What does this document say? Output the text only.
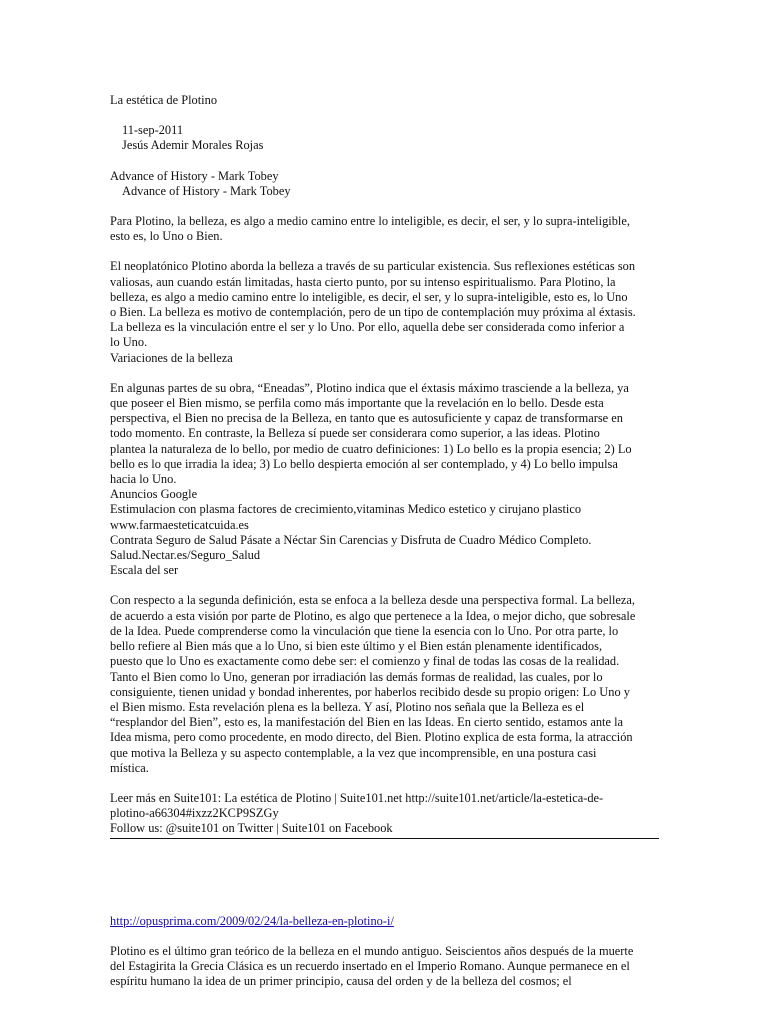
La estética de Plotino
11-sep-2011
Jesús Ademir Morales Rojas
Advance of History - Mark Tobey
Advance of History - Mark Tobey

Para Plotino, la belleza, es algo a medio camino entre lo inteligible, es decir, el ser, y lo supra-inteligible,
esto es, lo Uno o Bien.

El neoplatónico Plotino aborda la belleza a través de su particular existencia. Sus reflexiones estéticas son
valiosas, aun cuando están limitadas, hasta cierto punto, por su intenso espiritualismo. Para Plotino, la
belleza, es algo a medio camino entre lo inteligible, es decir, el ser, y lo supra-inteligible, esto es, lo Uno
o Bien. La belleza es motivo de contemplación, pero de un tipo de contemplación muy próxima al éxtasis.
La belleza es la vinculación entre el ser y lo Uno. Por ello, aquella debe ser considerada como inferior a
lo Uno.

Variaciones de la belleza

En algunas partes de su obra, “Eneadas”, Plotino indica que el éxtasis máximo trasciende a la belleza, ya
que poseer el Bien mismo, se perfila como más importante que la revelación en lo bello. Desde esta
perspectiva, el Bien no precisa de la Belleza, en tanto que es autosuficiente y capaz de transformarse en
todo momento. En contraste, la Belleza sí puede ser considerara como superior, a las ideas. Plotino
plantea la naturaleza de lo bello, por medio de cuatro definiciones: 1) Lo bello es la propia esencia; 2) Lo
bello es lo que irradia la idea; 3) Lo bello despierta emoción al ser contemplado, y 4) Lo bello impulsa
hacia lo Uno.

Anuncios Google
Estimulacion con plasma factores de crecimiento,vitaminas Medico estetico y cirujano plastico
www.farmaesteticatcuida.es
Contrata Seguro de Salud Pásate a Néctar Sin Carencias y Disfruta de Cuadro Médico Completo.
Salud.Nectar.es/Seguro_Salud
Escala del ser

Con respecto a la segunda definición, esta se enfoca a la belleza desde una perspectiva formal. La belleza,
de acuerdo a esta visión por parte de Plotino, es algo que pertenece a la Idea, o mejor dicho, que sobresale
de la Idea. Puede comprenderse como la vinculación que tiene la esencia con lo Uno. Por otra parte, lo
bello refiere al Bien más que a lo Uno, si bien este último y el Bien están plenamente identificados,
puesto que lo Uno es exactamente como debe ser: el comienzo y final de todas las cosas de la realidad.
Tanto el Bien como lo Uno, generan por irradiación las demás formas de realidad, las cuales, por lo
consiguiente, tienen unidad y bondad inherentes, por haberlos recibido desde su propio origen: Lo Uno y
el Bien mismo. Esta revelación plena es la belleza. Y así, Plotino nos señala que la Belleza es el
“resplandor del Bien”, esto es, la manifestación del Bien en las Ideas. En cierto sentido, estamos ante la
Idea misma, pero como procedente, en modo directo, del Bien. Plotino explica de esta forma, la atracción
que motiva la Belleza y su aspecto contemplable, a la vez que incomprensible, en una postura casi
mística.

Leer más en Suite101: La estética de Plotino | Suite101.net http://suite101.net/article/la-estetica-de-
plotino-a66304#ixzz2KCP9SZGy

Follow us: @suite101 on Twitter | Suite101 on Facebook
http://opusprima.com/2009/02/24/la-belleza-en-plotino-i/

Plotino es el último gran teórico de la belleza en el mundo antiguo. Seiscientos años después de la muerte
del Estagirita la Grecia Clásica es un recuerdo insertado en el Imperio Romano. Aunque permanece en el
espíritu humano la idea de un primer principio, causa del orden y de la belleza del cosmos; el
